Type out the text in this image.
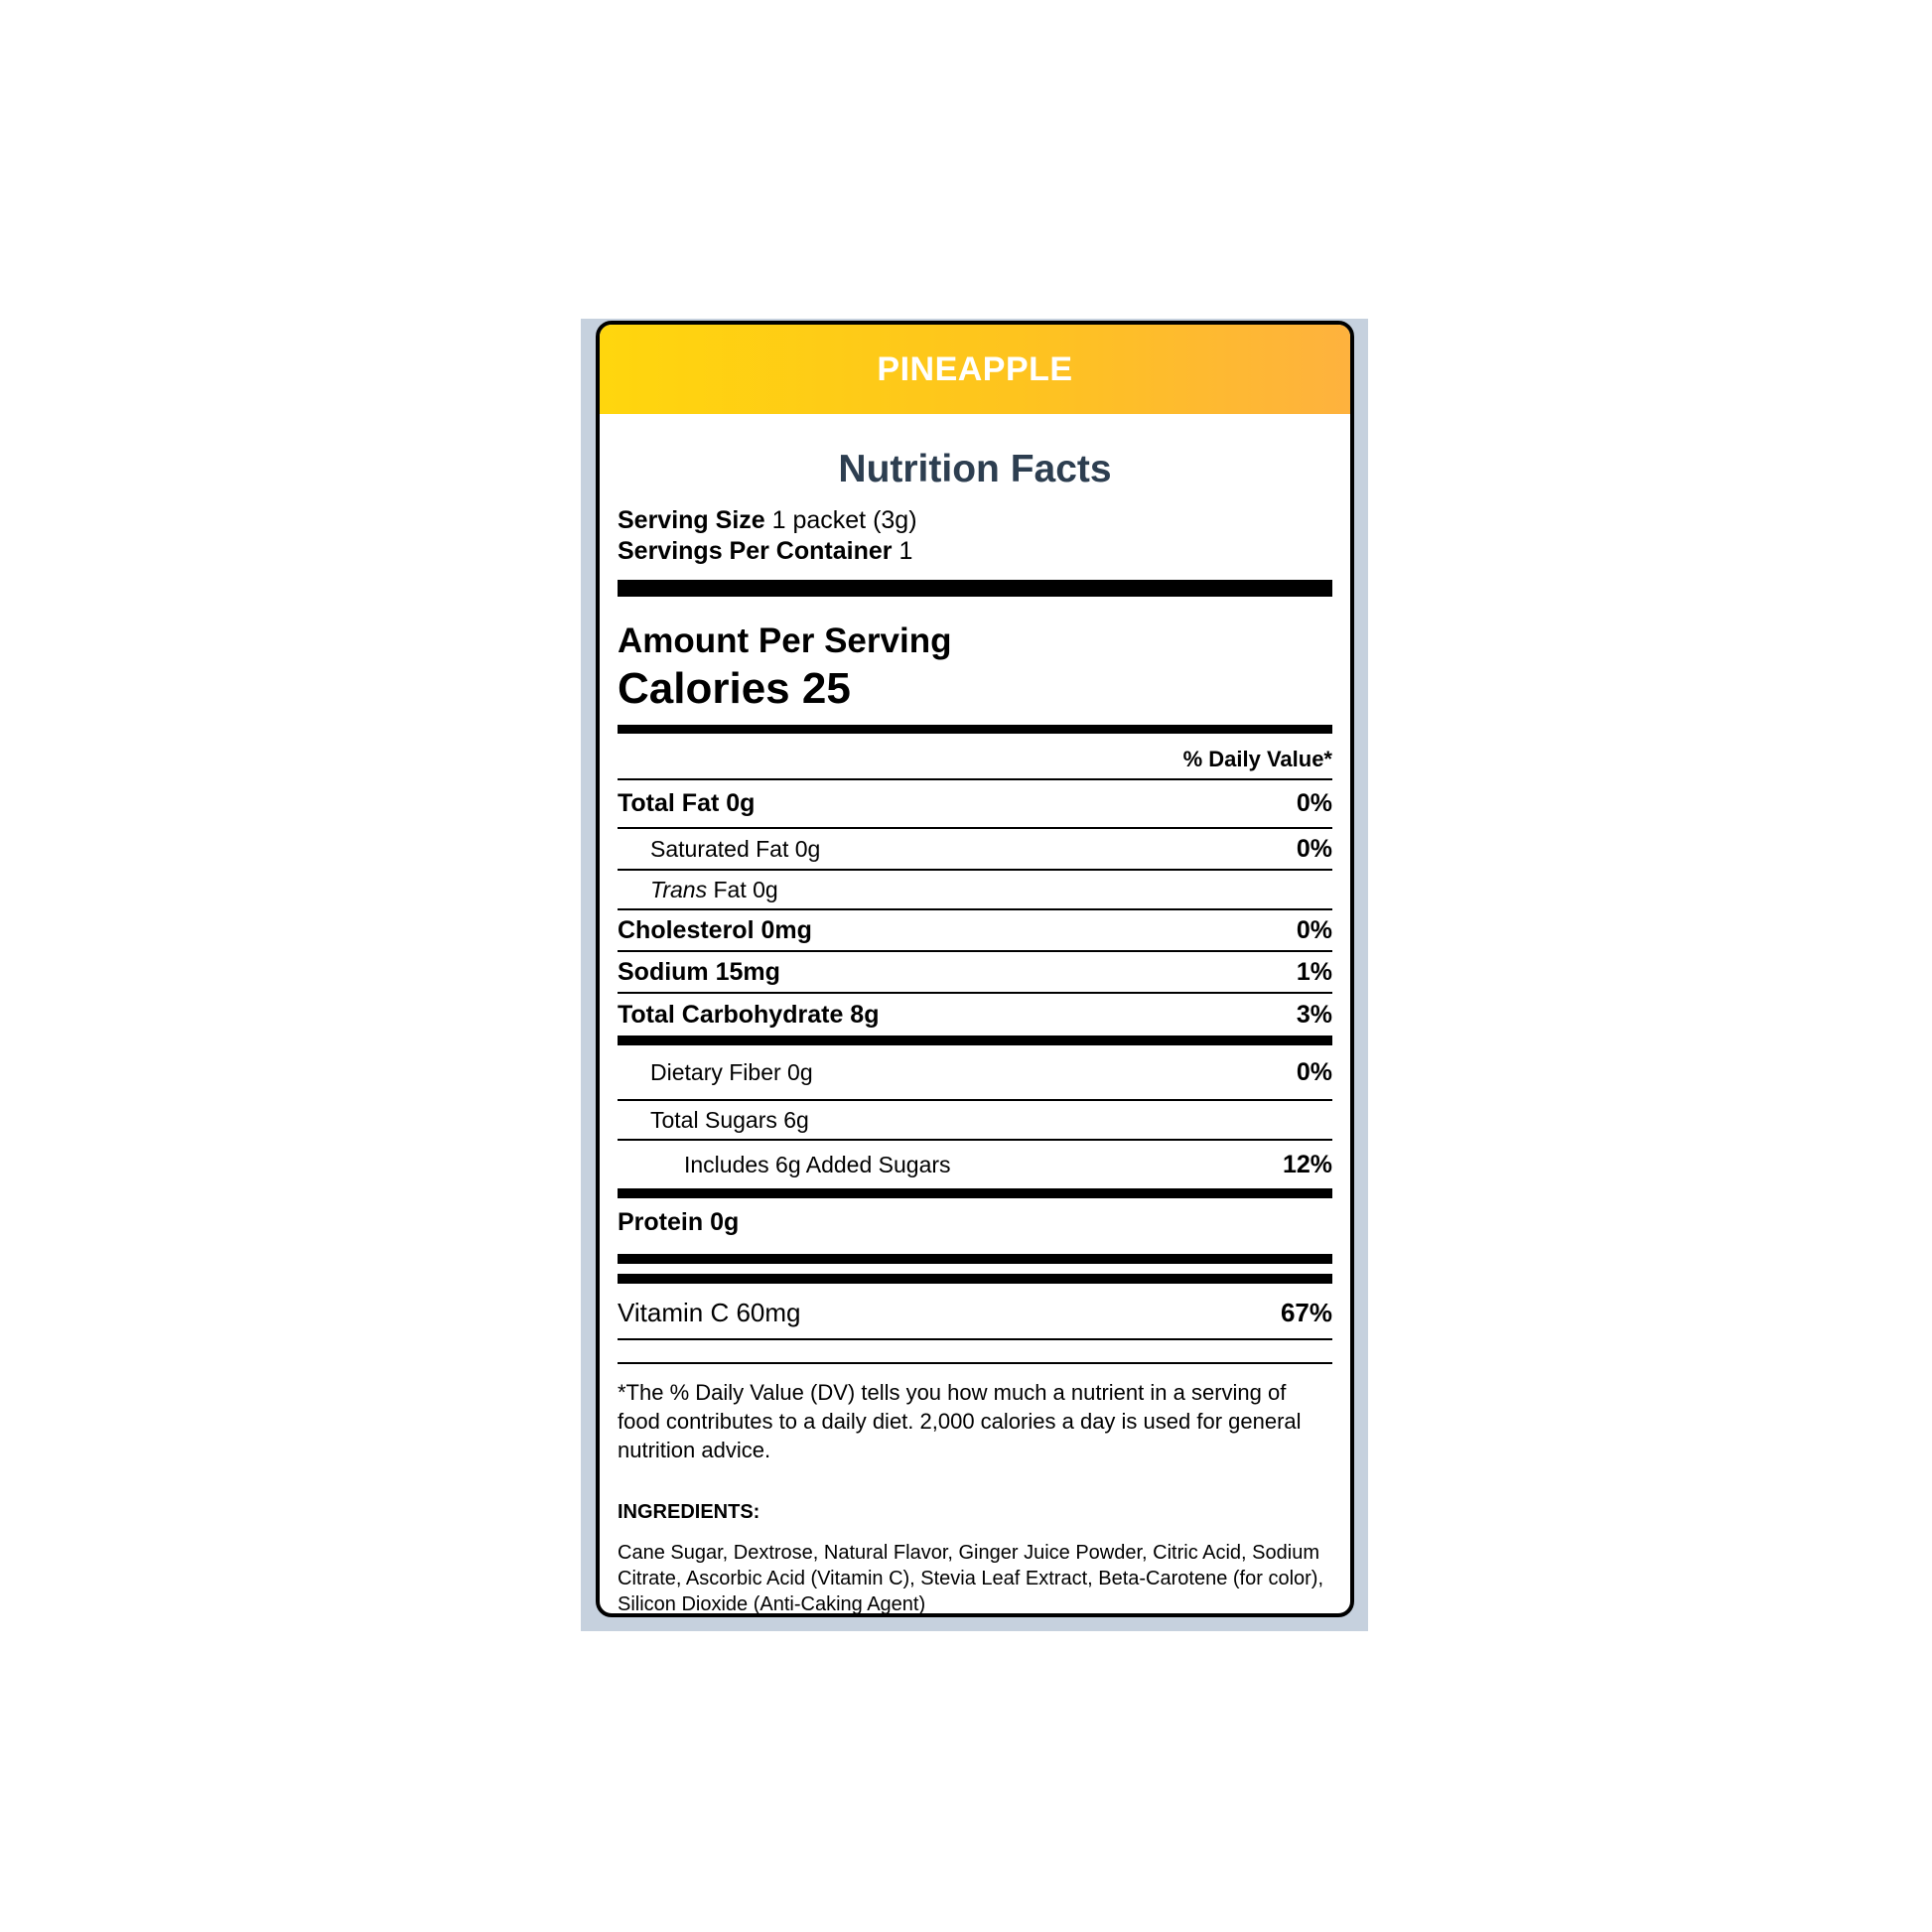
PINEAPPLE
Nutrition Facts
Serving Size 1 packet (3g)
Servings Per Container 1
Amount Per Serving
Calories 25
% Daily Value*
Total Fat 0g	0%
Saturated Fat 0g	0%
Trans Fat 0g
Cholesterol 0mg	0%
Sodium 15mg	1%
Total Carbohydrate 8g	3%
Dietary Fiber 0g	0%
Total Sugars 6g
Includes 6g Added Sugars	12%
Protein 0g
Vitamin C 60mg	67%
*The % Daily Value (DV) tells you how much a nutrient in a serving of food contributes to a daily diet. 2,000 calories a day is used for general nutrition advice.
INGREDIENTS:
Cane Sugar, Dextrose, Natural Flavor, Ginger Juice Powder, Citric Acid, Sodium Citrate, Ascorbic Acid (Vitamin C), Stevia Leaf Extract, Beta-Carotene (for color), Silicon Dioxide (Anti-Caking Agent)
